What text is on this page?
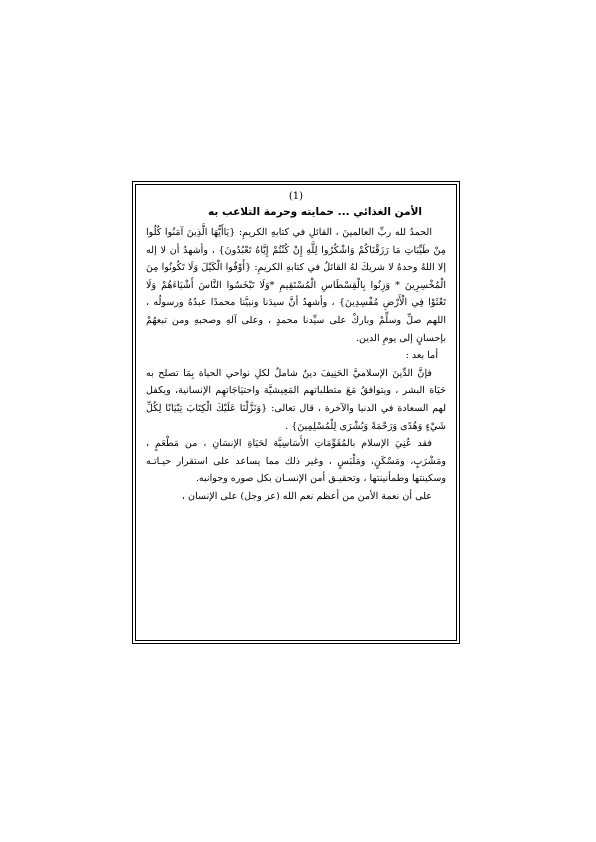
(1)
الأمن الغذائي ... حمايته وحرمة التلاعب به

الحمدُ لله ربِّ العالمينَ ، القائلِ في كتابهِ الكريمِ: {يَاأَيُّهَا الَّذِينَ آمَنُوا كُلُوا مِنْ طَيِّبَاتِ مَا رَزَقْنَاكُمْ وَاشْكُرُوا لِلَّهِ إِنْ كُنْتُمْ إِيَّاهُ تَعْبُدُونَ} ، وأشهدُ أن لا إله إلا اللهُ وحدهُ لا شريكَ لهُ القائلُ في كتابهِ الكريمِ: {أَوْفُوا الْكَيْلَ وَلَا تَكُونُوا مِنَ الْمُخْسِرِينَ * وَزِنُوا بِالْقِسْطَاسِ الْمُسْتَقِيمِ *وَلَا تَبْخَسُوا النَّاسَ أَشْيَاءَهُمْ وَلَا تَعْثَوْا فِي الْأَرْضِ مُفْسِدِينَ} ، وأشهدُ أنَّ سيدَنا ونبيَّنا محمدًا عبدُهُ ورسولُه ، اللهم صلِّ وسلِّمْ وباركْ على سيِّدنا محمدٍ ، وعلى آلهِ وصحبهِ ومن تبعهُمْ بإحسانٍ إلى يومِ الدين.

أما بعد :

فإنَّ الدِّينَ الإسلاميَّ الحَنِيفَ دينٌ شاملٌ لكلِ نواحي الحياة بِمَا تصلح به حَيَاة البشر ، ويتوافقُ مَعَ متطلباتهم المَعِيشيَّة واحتيَاجَاتهِم الإنسانية، ويكفل لهم السعادة في الدنيا والآخرة ، قال تعالى: {وَنَزَّلْنَا عَلَيْكَ الْكِتَابَ تِبْيَانًا لِكُلِّ شَيْءٍ وَهُدًى وَرَحْمَةً وَبُشْرَى لِلْمُسْلِمِينَ} .

فقد عُنِيَ الإسلام بالمُقَوِّمَاتِ الأَسَاسِيَّة لحَيَاةِ الإنسَانِ ، من مَطْعَمٍ ، ومَشْرَبٍ، ومَسْكَنٍ، ومَلْبَسٍ ، وغير ذلك مما يساعد على استقرار حيـاتـه وسكينتها وطمأنينتها ، وتحقيـق أمن الإنسـان بكل صوره وجوانبه.

على أن نعمة الأمن من أعظم نعم الله (عز وجل) على الإنسان ،
